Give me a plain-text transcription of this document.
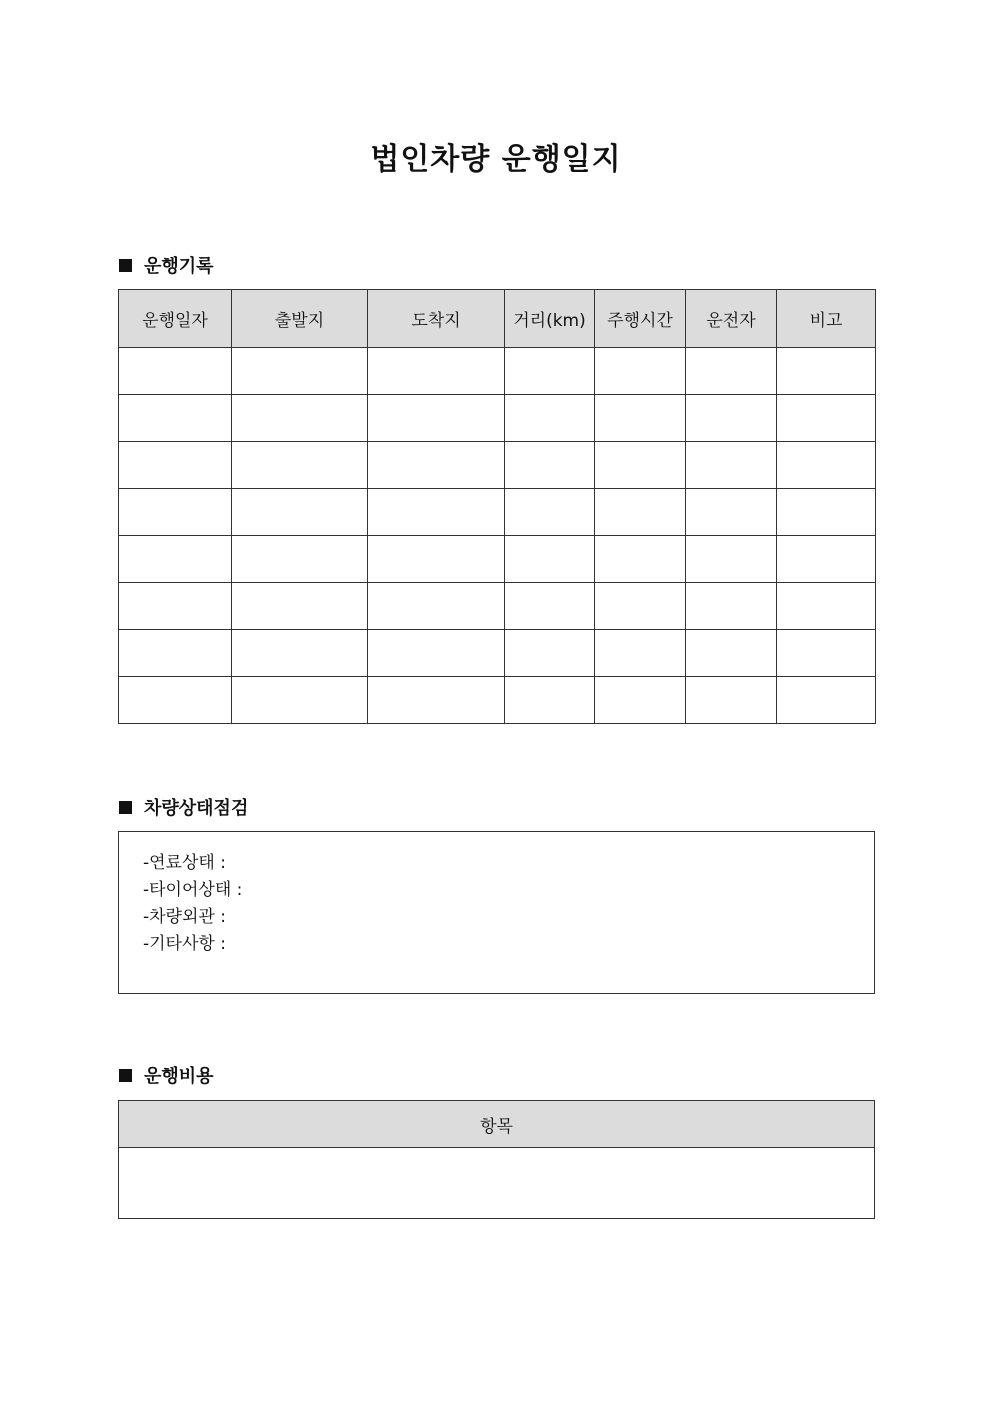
법인차량 운행일지
운행기록
운행일자	출발지	도착지	거리(km)	주행시간	운전자	비고

차량상태점검
-연료상태 :
-타이어상태 :
-차량외관 :
-기타사항 :
운행비용
항목
